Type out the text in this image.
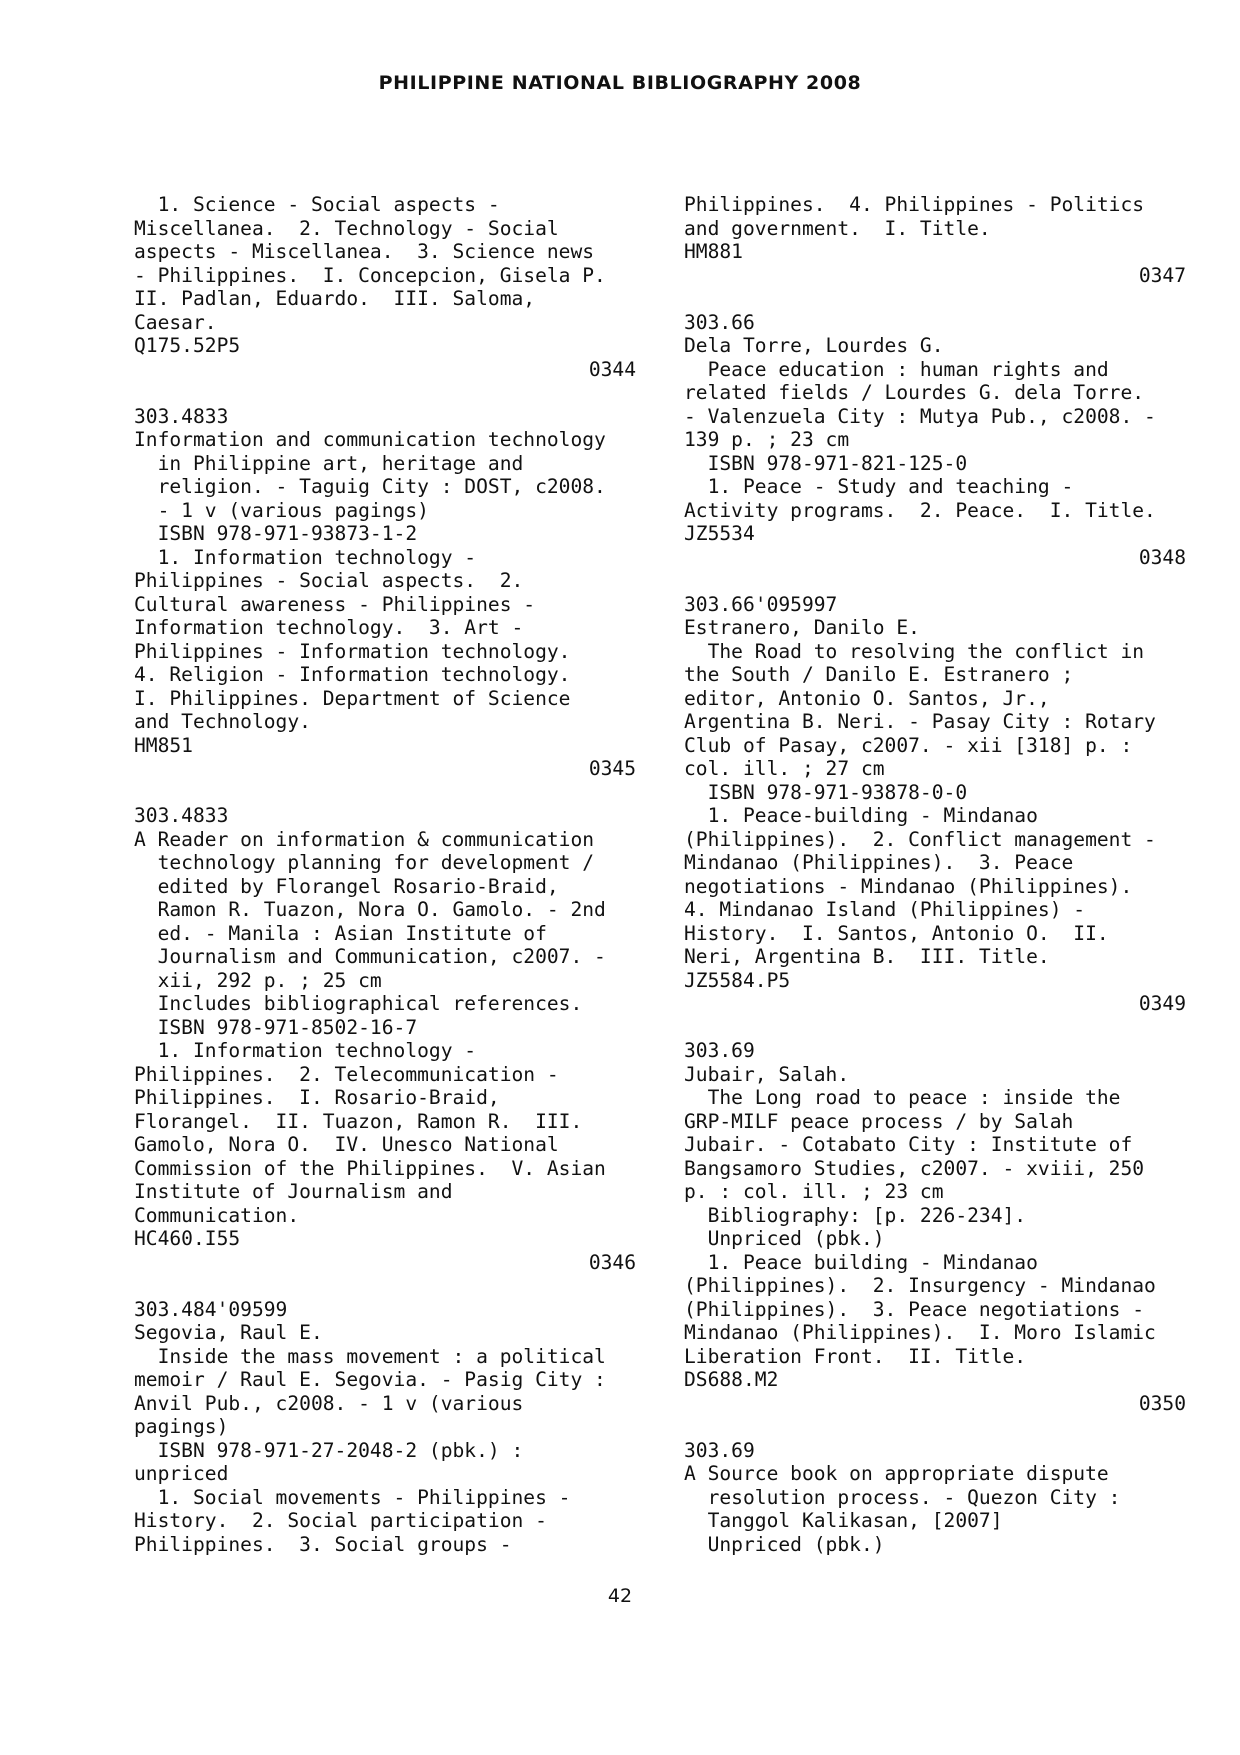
PHILIPPINE NATIONAL BIBLIOGRAPHY 2008
1. Science - Social aspects -
Miscellanea.  2. Technology - Social
aspects - Miscellanea.  3. Science news
- Philippines.  I. Concepcion, Gisela P.
II. Padlan, Eduardo.  III. Saloma,
Caesar.
Q175.52P5
0344
303.4833
Information and communication technology
in Philippine art, heritage and
religion. - Taguig City : DOST, c2008.
- 1 v (various pagings)
ISBN 978-971-93873-1-2
1. Information technology -
Philippines - Social aspects.  2.
Cultural awareness - Philippines -
Information technology.  3. Art -
Philippines - Information technology.
4. Religion - Information technology.
I. Philippines. Department of Science
and Technology.
HM851
0345
303.4833
A Reader on information & communication
technology planning for development /
edited by Florangel Rosario-Braid,
Ramon R. Tuazon, Nora O. Gamolo. - 2nd
ed. - Manila : Asian Institute of
Journalism and Communication, c2007. -
xii, 292 p. ; 25 cm
Includes bibliographical references.
ISBN 978-971-8502-16-7
1. Information technology -
Philippines.  2. Telecommunication -
Philippines.  I. Rosario-Braid,
Florangel.  II. Tuazon, Ramon R.  III.
Gamolo, Nora O.  IV. Unesco National
Commission of the Philippines.  V. Asian
Institute of Journalism and
Communication.
HC460.I55
0346
303.484'09599
Segovia, Raul E.
Inside the mass movement : a political
memoir / Raul E. Segovia. - Pasig City :
Anvil Pub., c2008. - 1 v (various
pagings)
ISBN 978-971-27-2048-2 (pbk.) :
unpriced
1. Social movements - Philippines -
History.  2. Social participation -
Philippines.  3. Social groups -
Philippines.  4. Philippines - Politics
and government.  I. Title.
HM881
0347
303.66
Dela Torre, Lourdes G.
Peace education : human rights and
related fields / Lourdes G. dela Torre.
- Valenzuela City : Mutya Pub., c2008. -
139 p. ; 23 cm
ISBN 978-971-821-125-0
1. Peace - Study and teaching -
Activity programs.  2. Peace.  I. Title.
JZ5534
0348
303.66'095997
Estranero, Danilo E.
The Road to resolving the conflict in
the South / Danilo E. Estranero ;
editor, Antonio O. Santos, Jr.,
Argentina B. Neri. - Pasay City : Rotary
Club of Pasay, c2007. - xii [318] p. :
col. ill. ; 27 cm
ISBN 978-971-93878-0-0
1. Peace-building - Mindanao
(Philippines).  2. Conflict management -
Mindanao (Philippines).  3. Peace
negotiations - Mindanao (Philippines).
4. Mindanao Island (Philippines) -
History.  I. Santos, Antonio O.  II.
Neri, Argentina B.  III. Title.
JZ5584.P5
0349
303.69
Jubair, Salah.
The Long road to peace : inside the
GRP-MILF peace process / by Salah
Jubair. - Cotabato City : Institute of
Bangsamoro Studies, c2007. - xviii, 250
p. : col. ill. ; 23 cm
Bibliography: [p. 226-234].
Unpriced (pbk.)
1. Peace building - Mindanao
(Philippines).  2. Insurgency - Mindanao
(Philippines).  3. Peace negotiations -
Mindanao (Philippines).  I. Moro Islamic
Liberation Front.  II. Title.
DS688.M2
0350
303.69
A Source book on appropriate dispute
resolution process. - Quezon City :
Tanggol Kalikasan, [2007]
Unpriced (pbk.)
42
